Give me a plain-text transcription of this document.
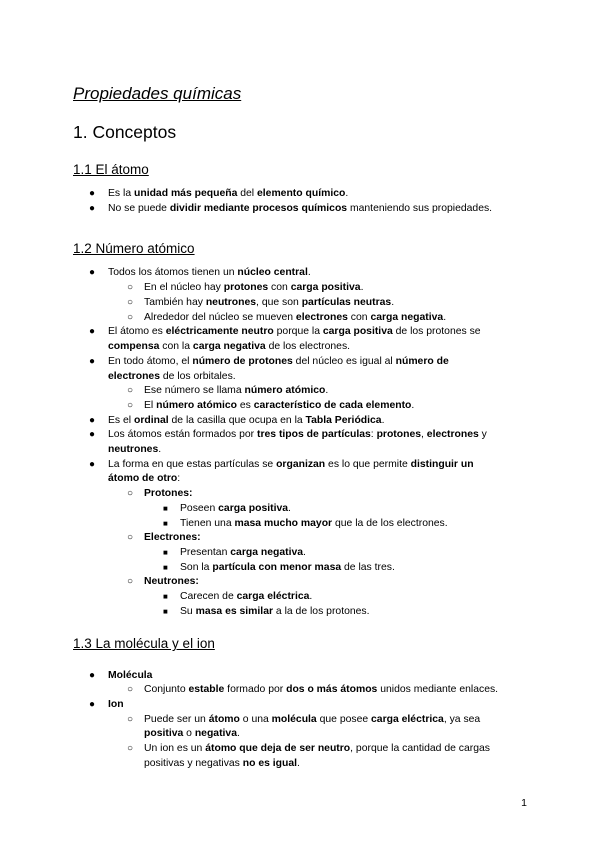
Propiedades químicas
1. Conceptos
1.1 El átomo
1.2 Número atómico
1.3 La molécula y el ion
● Es la unidad más pequeña del elemento químico.
● No se puede dividir mediante procesos químicos manteniendo sus propiedades.
● Todos los átomos tienen un núcleo central.
○ En el núcleo hay protones con carga positiva.
○ También hay neutrones, que son partículas neutras.
○ Alrededor del núcleo se mueven electrones con carga negativa.
● El átomo es eléctricamente neutro porque la carga positiva de los protones se
compensa con la carga negativa de los electrones.
● En todo átomo, el número de protones del núcleo es igual al número de
electrones de los orbitales.
○ Ese número se llama número atómico.
○ El número atómico es característico de cada elemento.
● Es el ordinal de la casilla que ocupa en la Tabla Periódica.
● Los átomos están formados por tres tipos de partículas: protones, electrones y
neutrones.
● La forma en que estas partículas se organizan es lo que permite distinguir un
átomo de otro:
○ Protones:
■ Poseen carga positiva.
■ Tienen una masa mucho mayor que la de los electrones.
○ Electrones:
■ Presentan carga negativa.
■ Son la partícula con menor masa de las tres.
○ Neutrones:
■ Carecen de carga eléctrica.
■ Su masa es similar a la de los protones.
● Molécula
○ Conjunto estable formado por dos o más átomos unidos mediante enlaces.
● Ion
○ Puede ser un átomo o una molécula que posee carga eléctrica, ya sea
positiva o negativa.
○ Un ion es un átomo que deja de ser neutro, porque la cantidad de cargas
positivas y negativas no es igual.
1
